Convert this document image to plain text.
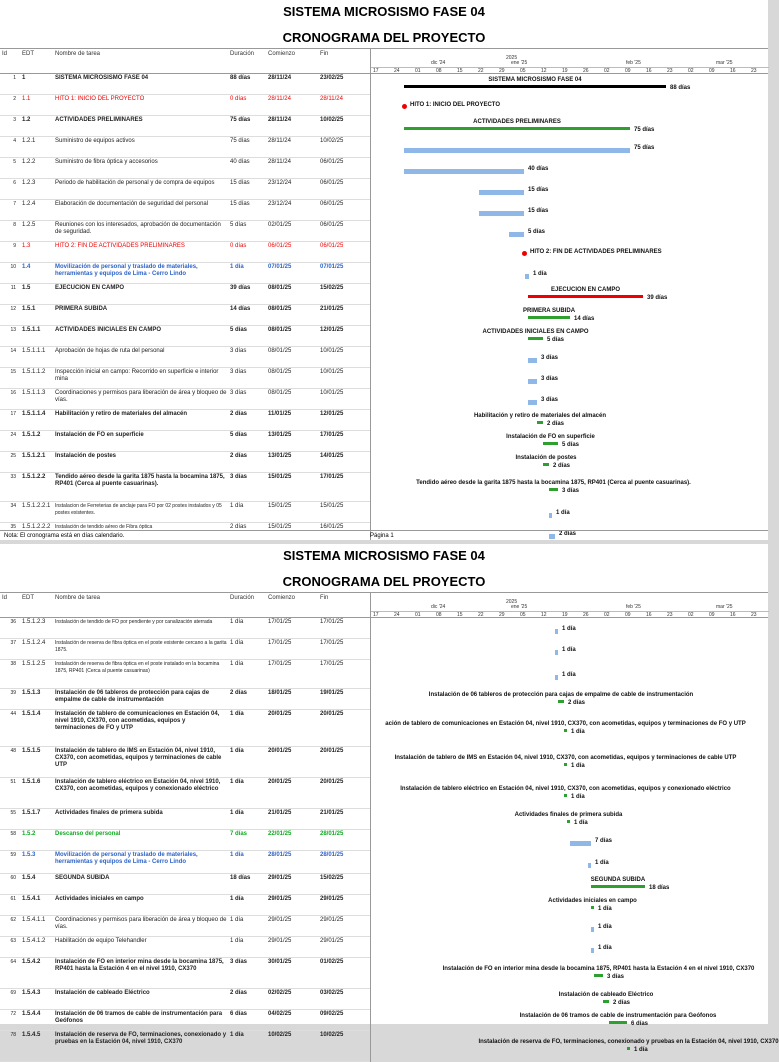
SISTEMA MICROSISMO FASE 04
CRONOGRAMA DEL PROYECTO
Id EDT	Nombre de tarea	Duración Comienzo	Fin
2025
dic '24	ene '25	feb '25	mar '25
17	24	01	08	15	22	29	05	12	19	26	02	09	16	23	02	09	16	23
1 1	SISTEMA MICROSISMO FASE 04	88 días	28/11/24	23/02/25
2 1.1	HITO 1: INICIO DEL PROYECTO	0 días	28/11/24	28/11/24
3 1.2	ACTIVIDADES PRELIMINARES	75 días	28/11/24	10/02/25
4 1.2.1	Suministro de equipos activos	75 días	28/11/24	10/02/25
5 1.2.2	Suministro de fibra óptica y accesorios	40 días	28/11/24	06/01/25
6 1.2.3	Periodo de habilitación de personal y de compra de equipos	15 días	23/12/24	06/01/25
7 1.2.4	Elaboración de documentación de seguridad del personal	15 días	23/12/24	06/01/25
8 1.2.5	Reuniones con los interesados, aprobación de documentación de seguridad.
5 días	02/01/25	06/01/25
9 1.3	HITO 2: FIN DE ACTIVIDADES PRELIMINARES	0 días	06/01/25	06/01/25
10 1.4	Movilización de personal y traslado de materiales, herramientas y equipos de Lima - Cerro Lindo
1 día	07/01/25	07/01/25
11 1.5	EJECUCION EN CAMPO	39 días	08/01/25	15/02/25
12 1.5.1	PRIMERA SUBIDA	14 días	08/01/25	21/01/25
13 1.5.1.1	ACTIVIDADES INICIALES EN CAMPO	5 días	08/01/25	12/01/25
14 1.5.1.1.1	Aprobación de hojas de ruta del personal	3 días	08/01/25	10/01/25
15 1.5.1.1.2	Inspección inicial en campo: Recorrido en superficie e interior mina
3 días	08/01/25	10/01/25
16 1.5.1.1.3	Coordinaciones y permisos para liberación de área y bloqueo de vías.
3 días	08/01/25	10/01/25
17 1.5.1.1.4	Habilitación y retiro de materiales del almacén	2 días	11/01/25	12/01/25
24 1.5.1.2	Instalación de FO en superficie	5 días	13/01/25	17/01/25
25 1.5.1.2.1	Instalación de postes	2 días	13/01/25	14/01/25
33 1.5.1.2.2	Tendido aéreo desde la garita 1875 hasta la bocamina 1875, RP401 (Cerca al puente casuarinas).
3 días	15/01/25	17/01/25
34 1.5.1.2.2.1 Instalacion de Ferreterias de anclaje para FO por 02 postes instalados y 05 postes existentes.
1 día	15/01/25	15/01/25
35 1.5.1.2.2.2 Instalación de tendido aéreo de Fibra óptica	2 días	15/01/25	16/01/25
SISTEMA MICROSISMO FASE 04
88 días
HITO 1: INICIO DEL PROYECTO
ACTIVIDADES PRELIMINARES
75 días
75 días
40 días
15 días
15 días
5 días
HITO 2: FIN DE ACTIVIDADES PRELIMINARES
1 día
EJECUCION EN CAMPO
39 días
PRIMERA SUBIDA
14 días
ACTIVIDADES INICIALES EN CAMPO
5 días
3 días
3 días
3 días
Habilitación y retiro de materiales del almacén
2 días
Instalación de FO en superficie
5 días
Instalación de postes
2 días
Tendido aéreo desde la garita 1875 hasta la bocamina 1875, RP401 (Cerca al puente casuarinas).
3 días
1 día
2 días
Nota: El cronograma está en días calendario.	Página 1
SISTEMA MICROSISMO FASE 04
CRONOGRAMA DEL PROYECTO
Id EDT	Nombre de tarea	Duración Comienzo	Fin
2025
dic '24	ene '25	feb '25	mar '25
17	24	01	08	15	22	29	05	12	19	26	02	09	16	23	02	09	16	23
36 1.5.1.2.3	Instalación de tendido de FO por pendiente y por canalización aterrada	1 día	17/01/25	17/01/25
37 1.5.1.2.4	Instalación de reserva de fibra óptica en el poste existente cercano a la garita 1875.
1 día	17/01/25	17/01/25
38 1.5.1.2.5	Instalación de reserva de fibra óptica en el poste instalado en la bocamina 1875, RP401 (Cerca al puente casuarinas)
1 día	17/01/25	17/01/25
39 1.5.1.3	Instalación de 06 tableros de protección para cajas de empalme de cable de instrumentación
2 días	18/01/25	19/01/25
44 1.5.1.4	Instalación de tablero de comunicaciones en Estación 04, nivel 1910, CX370, con acometidas, equipos y terminaciones de FO y UTP
1 día	20/01/25	20/01/25
48 1.5.1.5	Instalación de tablero de IMS en Estación 04, nivel 1910, CX370, con acometidas, equipos y terminaciones de cable UTP
1 día	20/01/25	20/01/25
51 1.5.1.6	Instalación de tablero eléctrico en Estación 04, nivel 1910, CX370, con acometidas, equipos y conexionado eléctrico
1 día	20/01/25	20/01/25
55 1.5.1.7	Actividades finales de primera subida	1 día	21/01/25	21/01/25
58 1.5.2	Descanso del personal	7 días	22/01/25	28/01/25
59 1.5.3	Movilización de personal y traslado de materiales, herramientas y equipos de Lima - Cerro Lindo
1 día	28/01/25	28/01/25
60 1.5.4	SEGUNDA SUBIDA	18 días	29/01/25	15/02/25
61 1.5.4.1	Actividades iniciales en campo	1 día	29/01/25	29/01/25
62 1.5.4.1.1	Coordinaciones y permisos para liberación de área y bloqueo de vías.
1 día	29/01/25	29/01/25
63 1.5.4.1.2	Habilitación de equipo Telehandler	1 día	29/01/25	29/01/25
64 1.5.4.2	Instalación de FO en interior mina desde la bocamina 1875, RP401 hasta la Estación 4 en el nivel 1910, CX370
3 días	30/01/25	01/02/25
69 1.5.4.3	Instalación de cableado Eléctrico	2 días	02/02/25	03/02/25
72 1.5.4.4	Instalación de 06 tramos de cable de instrumentación para Geófonos
6 días	04/02/25	09/02/25
78 1.5.4.5	Instalación de reserva de FO, terminaciones, conexionado y pruebas en la Estación 04, nivel 1910, CX370
1 día	10/02/25	10/02/25
1 día
1 día
1 día
Instalación de 06 tableros de protección para cajas de empalme de cable de instrumentación
2 días
ación de tablero de comunicaciones en Estación 04, nivel 1910, CX370, con acometidas, equipos y terminaciones de FO y UTP
1 día
Instalación de tablero de IMS en Estación 04, nivel 1910, CX370, con acometidas, equipos y terminaciones de cable UTP
1 día
Instalación de tablero eléctrico en Estación 04, nivel 1910, CX370, con acometidas, equipos y conexionado eléctrico
1 día
Actividades finales de primera subida
1 día
7 días
1 día
SEGUNDA SUBIDA
18 días
Actividades iniciales en campo
1 día
1 día
1 día
Instalación de FO en interior mina desde la bocamina 1875, RP401 hasta la Estación 4 en el nivel 1910, CX370
3 días
Instalación de cableado Eléctrico
2 días
Instalación de 06 tramos de cable de instrumentación para Geófonos
6 días
Instalación de reserva de FO, terminaciones, conexionado y pruebas en la Estación 04, nivel 1910, CX370
1 día
